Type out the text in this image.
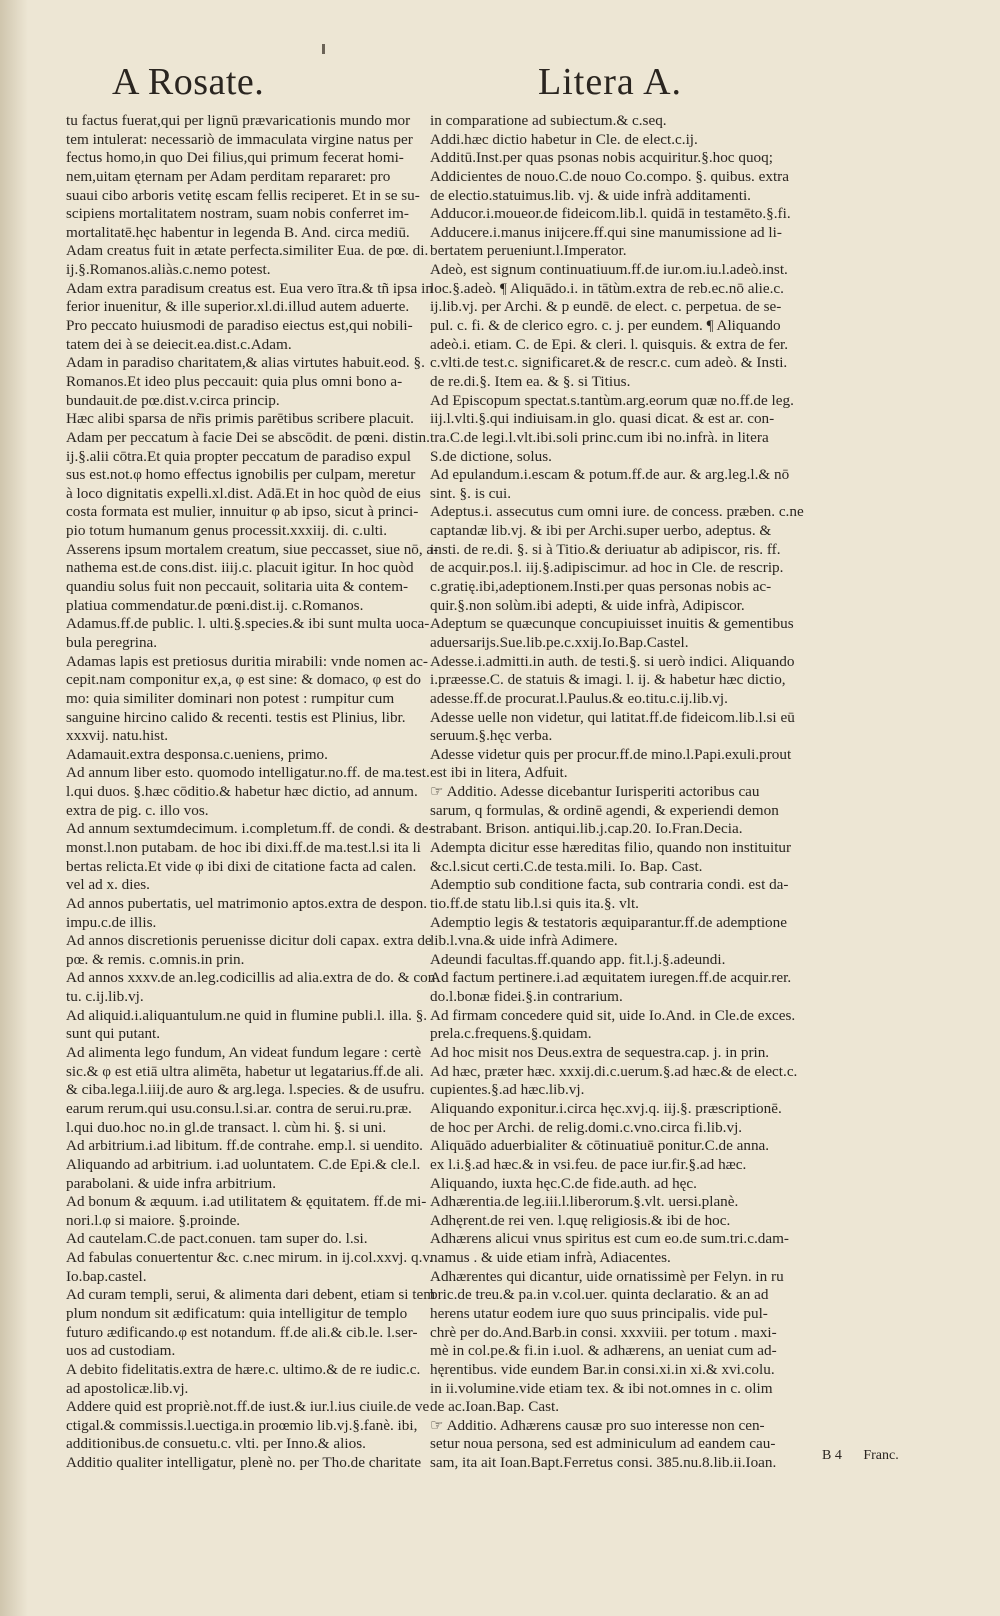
A Rosate.	Litera A.
tu factus fuerat,qui per lignū prævaricationis mundo mor
tem intulerat: necessariò de immaculata virgine natus per
fectus homo,in quo Dei filius,qui primum fecerat homi-
nem,uitam ęternam per Adam perditam repararet: pro
suaui cibo arboris vetitę escam fellis reciperet. Et in se su-
scipiens mortalitatem nostram, suam nobis conferret im-
mortalitatē.hęc habentur in legenda B. And. circa mediū.
Adam creatus fuit in ætate perfecta.similiter Eua. de pœ. di.
ij.§.Romanos.aliàs.c.nemo potest.
Adam extra paradisum creatus est. Eua vero ītra.& tñ ipsa in
ferior inuenitur, & ille superior.xl.di.illud autem aduerte.
Pro peccato huiusmodi de paradiso eiectus est,qui nobili-
tatem dei à se deiecit.ea.dist.c.Adam.
Adam in paradiso charitatem,& alias virtutes habuit.eod. §.
Romanos.Et ideo plus peccauit: quia plus omni bono a-
bundauit.de pœ.dist.v.circa princip.
Hæc alibi sparsa de nr̃is primis parētibus scribere placuit.
Adam per peccatum à facie Dei se abscōdit. de pœni. distin.
ij.§.alii cōtra.Et quia propter peccatum de paradiso expul
sus est.not.φ homo effectus ignobilis per culpam, meretur
à loco dignitatis expelli.xl.dist. Adā.Et in hoc quòd de eius
costa formata est mulier, innuitur φ ab ipso, sicut à princi-
pio totum humanum genus processit.xxxiij. di. c.ulti.
Asserens ipsum mortalem creatum, siue peccasset, siue nō, a-
nathema est.de cons.dist. iiij.c. placuit igitur. In hoc quòd
quandiu solus fuit non peccauit, solitaria uita & contem-
platiua commendatur.de pœni.dist.ij. c.Romanos.
Adamus.ff.de public. l. ulti.§.species.& ibi sunt multa uoca-
bula peregrina.
Adamas lapis est pretiosus duritia mirabili: vnde nomen ac-
cepit.nam componitur ex,a, φ est sine: & domaco, φ est do
mo: quia similiter dominari non potest : rumpitur cum
sanguine hircino calido & recenti. testis est Plinius, libr.
xxxvij. natu.hist.
Adamauit.extra desponsa.c.ueniens, primo.
Ad annum liber esto. quomodo intelligatur.no.ff. de ma.test.
l.qui duos. §.hæc cōditio.& habetur hæc dictio, ad annum.
extra de pig. c. illo vos.
Ad annum sextumdecimum. i.completum.ff. de condi. & de-
monst.l.non putabam. de hoc ibi dixi.ff.de ma.test.l.si ita li
bertas relicta.Et vide φ ibi dixi de citatione facta ad calen.
vel ad x. dies.
Ad annos pubertatis, uel matrimonio aptos.extra de despon.
impu.c.de illis.
Ad annos discretionis peruenisse dicitur doli capax. extra de
pœ. & remis. c.omnis.in prin.
Ad annos xxxv.de an.leg.codicillis ad alia.extra de do. & con
tu. c.ij.lib.vj.
Ad aliquid.i.aliquantulum.ne quid in flumine publi.l. illa. §.
sunt qui putant.
Ad alimenta lego fundum, An videat fundum legare : certè
sic.& φ est etiā ultra alimēta, habetur ut legatarius.ff.de ali.
& ciba.lega.l.iiij.de auro & arg.lega. l.species. & de usufru.
earum rerum.qui usu.consu.l.si.ar. contra de serui.ru.præ.
l.qui duo.hoc no.in gl.de transact. l. cùm hi. §. si uni.
Ad arbitrium.i.ad libitum. ff.de contrahe. emp.l. si uendito.
Aliquando ad arbitrium. i.ad uoluntatem. C.de Epi.& cle.l.
parabolani. & uide infra arbitrium.
Ad bonum & æquum. i.ad utilitatem & ęquitatem. ff.de mi-
nori.l.φ si maiore. §.proinde.
Ad cautelam.C.de pact.conuen. tam super do. l.si.
Ad fabulas conuertentur &c. c.nec mirum. in ij.col.xxvj. q.v.
Io.bap.castel.
Ad curam templi, serui, & alimenta dari debent, etiam si tem
plum nondum sit ædificatum: quia intelligitur de templo
futuro ædificando.φ est notandum. ff.de ali.& cib.le. l.ser-
uos ad custodiam.
A debito fidelitatis.extra de hære.c. ultimo.& de re iudic.c.
ad apostolicæ.lib.vj.
Addere quid est propriè.not.ff.de iust.& iur.l.ius ciuile.de ve
ctigal.& commissis.l.uectiga.in proœmio lib.vj.§.fanè. ibi,
additionibus.de consuetu.c. vlti. per Inno.& alios.
Additio qualiter intelligatur, plenè no. per Tho.de charitate
in comparatione ad subiectum.& c.seq.
Addi.hæc dictio habetur in Cle. de elect.c.ij.
Additū.Inst.per quas psonas nobis acquiritur.§.hoc quoq;
Addicientes de nouo.C.de nouo Co.compo. §. quibus. extra
de electio.statuimus.lib. vj. & uide infrà additamenti.
Adducor.i.moueor.de fideicom.lib.l. quidā in testamēto.§.fi.
Adducere.i.manus inijcere.ff.qui sine manumissione ad li-
bertatem perueniunt.l.Imperator.
Adeò, est signum continuatiuum.ff.de iur.om.iu.l.adeò.inst.
loc.§.adeò. ¶ Aliquādo.i. in tātùm.extra de reb.ec.nō alie.c.
ij.lib.vj. per Archi. & p eundē. de elect. c. perpetua. de se-
pul. c. fi. & de clerico egro. c. j. per eundem. ¶ Aliquando
adeò.i. etiam. C. de Epi. & cleri. l. quisquis. & extra de fer.
c.vlti.de test.c. significaret.& de rescr.c. cum adeò. & Insti.
de re.di.§. Item ea. & §. si Titius.
Ad Episcopum spectat.s.tantùm.arg.eorum quæ no.ff.de leg.
iij.l.vlti.§.qui indiuisam.in glo. quasi dicat. & est ar. con-
tra.C.de legi.l.vlt.ibi.soli princ.cum ibi no.infrà. in litera
S.de dictione, solus.
Ad epulandum.i.escam & potum.ff.de aur. & arg.leg.l.& nō
sint. §. is cui.
Adeptus.i. assecutus cum omni iure. de concess. præben. c.ne
captandæ lib.vj. & ibi per Archi.super uerbo, adeptus. &
insti. de re.di. §. si à Titio.& deriuatur ab adipiscor, ris. ff.
de acquir.pos.l. iij.§.adipiscimur. ad hoc in Cle. de rescrip.
c.gratię.ibi,adeptionem.Insti.per quas personas nobis ac-
quir.§.non solùm.ibi adepti, & uide infrà, Adipiscor.
Adeptum se quæcunque concupiuisset inuitis & gementibus
aduersarijs.Sue.lib.pe.c.xxij.Io.Bap.Castel.
Adesse.i.admitti.in auth. de testi.§. si uerò indici. Aliquando
i.præesse.C. de statuis & imagi. l. ij. & habetur hæc dictio,
adesse.ff.de procurat.l.Paulus.& eo.titu.c.ij.lib.vj.
Adesse uelle non videtur, qui latitat.ff.de fideicom.lib.l.si eū
seruum.§.hęc verba.
Adesse videtur quis per procur.ff.de mino.l.Papi.exuli.prout
est ibi in litera, Adfuit.
☞ Additio. Adesse dicebantur Iurisperiti actoribus cau
sarum, q formulas, & ordinē agendi, & experiendi demon
strabant. Brison. antiqui.lib.j.cap.20. Io.Fran.Decia.
Adempta dicitur esse hæreditas filio, quando non instituitur
&c.l.sicut certi.C.de testa.mili. Io. Bap. Cast.
Ademptio sub conditione facta, sub contraria condi. est da-
tio.ff.de statu lib.l.si quis ita.§. vlt.
Ademptio legis & testatoris æquiparantur.ff.de ademptione
lib.l.vna.& uide infrà Adimere.
Adeundi facultas.ff.quando app. fit.l.j.§.adeundi.
Ad factum pertinere.i.ad æquitatem iuregen.ff.de acquir.rer.
do.l.bonæ fidei.§.in contrarium.
Ad firmam concedere quid sit, uide Io.And. in Cle.de exces.
prela.c.frequens.§.quidam.
Ad hoc misit nos Deus.extra de sequestra.cap. j. in prin.
Ad hæc, præter hæc. xxxij.di.c.uerum.§.ad hæc.& de elect.c.
cupientes.§.ad hæc.lib.vj.
Aliquando exponitur.i.circa hęc.xvj.q. iij.§. præscriptionē.
de hoc per Archi. de relig.domi.c.vno.circa fi.lib.vj.
Aliquādo aduerbialiter & cōtinuatiuē ponitur.C.de anna.
ex l.i.§.ad hæc.& in vsi.feu. de pace iur.fir.§.ad hæc.
Aliquando, iuxta hęc.C.de fide.auth. ad hęc.
Adhærentia.de leg.iii.l.liberorum.§.vlt. uersi.planè.
Adhęrent.de rei ven. l.quę religiosis.& ibi de hoc.
Adhærens alicui vnus spiritus est cum eo.de sum.tri.c.dam-
namus . & uide etiam infrà, Adiacentes.
Adhærentes qui dicantur, uide ornatissimè per Felyn. in ru
bric.de treu.& pa.in v.col.uer. quinta declaratio. & an ad
herens utatur eodem iure quo suus principalis. vide pul-
chrè per do.And.Barb.in consi. xxxviii. per totum . maxi-
mè in col.pe.& fi.in i.uol. & adhærens, an ueniat cum ad-
hęrentibus. vide eundem Bar.in consi.xi.in xi.& xvi.colu.
in ii.volumine.vide etiam tex. & ibi not.omnes in c. olim
de ac.Ioan.Bap. Cast.
☞ Additio. Adhærens causæ pro suo interesse non cen-
setur noua persona, sed est adminiculum ad eandem cau-
sam, ita ait Ioan.Bapt.Ferretus consi. 385.nu.8.lib.ii.Ioan.	B 4 Franc.
